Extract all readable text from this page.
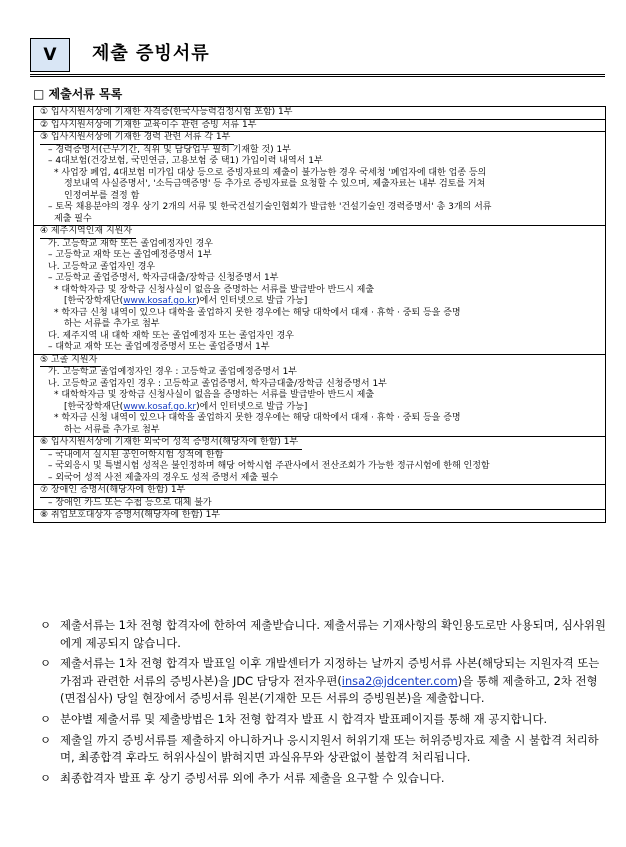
V	제출 증빙서류
□ 제출서류 목록
① 입사지원서상에 기재한 자격증(한국사능력검정시험 포함) 1부
② 입사지원서상에 기재한 교육이수 관련 증빙 서류 1부
③ 입사지원서상에 기재한 경력 관련 서류 각 1부
– 경력증명서(근무기간, 직위 및 담당업무 필히 기재할 것) 1부
– 4대보험(건강보험, 국민연금, 고용보험 중 택1) 가입이력 내역서 1부
* 사업장 폐업, 4대보험 미가입 대상 등으로 증빙자료의 제출이 불가능한 경우 국세청 '폐업자에 대한 업종 등의
정보내역 사실증명서', '소득금액증명' 등 추가로 증빙자료를 요청할 수 있으며, 제출자료는 내부 검토를 거쳐
인정여부를 결정 함
– 토목 채용분야의 경우 상기 2개의 서류 및 한국건설기술인협회가 발급한 '건설기술인 경력증명서' 총 3개의 서류
제출 필수
④ 제주지역인재 지원자
가. 고등학교 재학 또는 졸업예정자인 경우
– 고등학교 재학 또는 졸업예정증명서 1부
나. 고등학교 졸업자인 경우
– 고등학교 졸업증명서, 학자금대출/장학금 신청증명서 1부
* 대학학자금 및 장학금 신청사실이 없음을 증명하는 서류를 발급받아 반드시 제출
[한국장학재단(www.kosaf.go.kr)에서 인터넷으로 발급 가능]
* 학자금 신청 내역이 있으나 대학을 졸업하지 못한 경우에는 해당 대학에서 대재 · 휴학 · 중퇴 등을 증명
하는 서류를 추가로 첨부
다. 제주지역 내 대학 재학 또는 졸업예정자 또는 졸업자인 경우
– 대학교 재학 또는 졸업예정증명서 또는 졸업증명서 1부
⑤ 고졸 지원자
가. 고등학교 졸업예정자인 경우 : 고등학교 졸업예정증명서 1부
나. 고등학교 졸업자인 경우 : 고등학교 졸업증명서, 학자금대출/장학금 신청증명서 1부
* 대학학자금 및 장학금 신청사실이 없음을 증명하는 서류를 발급받아 반드시 제출
[한국장학재단(www.kosaf.go.kr)에서 인터넷으로 발급 가능]
* 학자금 신청 내역이 있으나 대학을 졸업하지 못한 경우에는 해당 대학에서 대재 · 휴학 · 중퇴 등을 증명
하는 서류를 추가로 첨부
⑥ 입사지원서상에 기재한 외국어 성적 증명서(해당자에 한함) 1부
– 국내에서 실시된 공인어학시험 성적에 한함
– 국외응시 및 특별시험 성적은 불인정하며 해당 어학시험 주관사에서 전산조회가 가능한 정규시험에 한해 인정함
– 외국어 성적 사전 제출자의 경우도 성적 증명서 제출 필수
⑦ 장애인 증명서(해당자에 한함) 1부
– 장애인 카드 또는 수첩 등으로 대체 불가
⑧ 취업보호대상자 증명서(해당자에 한함) 1부
ㅇ 제출서류는 1차 전형 합격자에 한하여 제출받습니다. 제출서류는 기재사항의 확인용도로만 사용되며, 심사위원에게 제공되지 않습니다.
ㅇ 제출서류는 1차 전형 합격자 발표일 이후 개발센터가 지정하는 날까지 증빙서류 사본(해당되는 지원자격 또는 가점과 관련한 서류의 증빙사본)을 JDC 담당자 전자우편(insa2@jdcenter.com)을 통해 제출하고, 2차 전형(면접심사) 당일 현장에서 증빙서류 원본(기재한 모든 서류의 증빙원본)을 제출합니다.
ㅇ 분야별 제출서류 및 제출방법은 1차 전형 합격자 발표 시 합격자 발표페이지를 통해 재 공지합니다.
ㅇ 제출일 까지 증빙서류를 제출하지 아니하거나 응시지원서 허위기재 또는 허위증빙자료 제출 시 불합격 처리하며, 최종합격 후라도 허위사실이 밝혀지면 과실유무와 상관없이 불합격 처리됩니다.
ㅇ 최종합격자 발표 후 상기 증빙서류 외에 추가 서류 제출을 요구할 수 있습니다.
